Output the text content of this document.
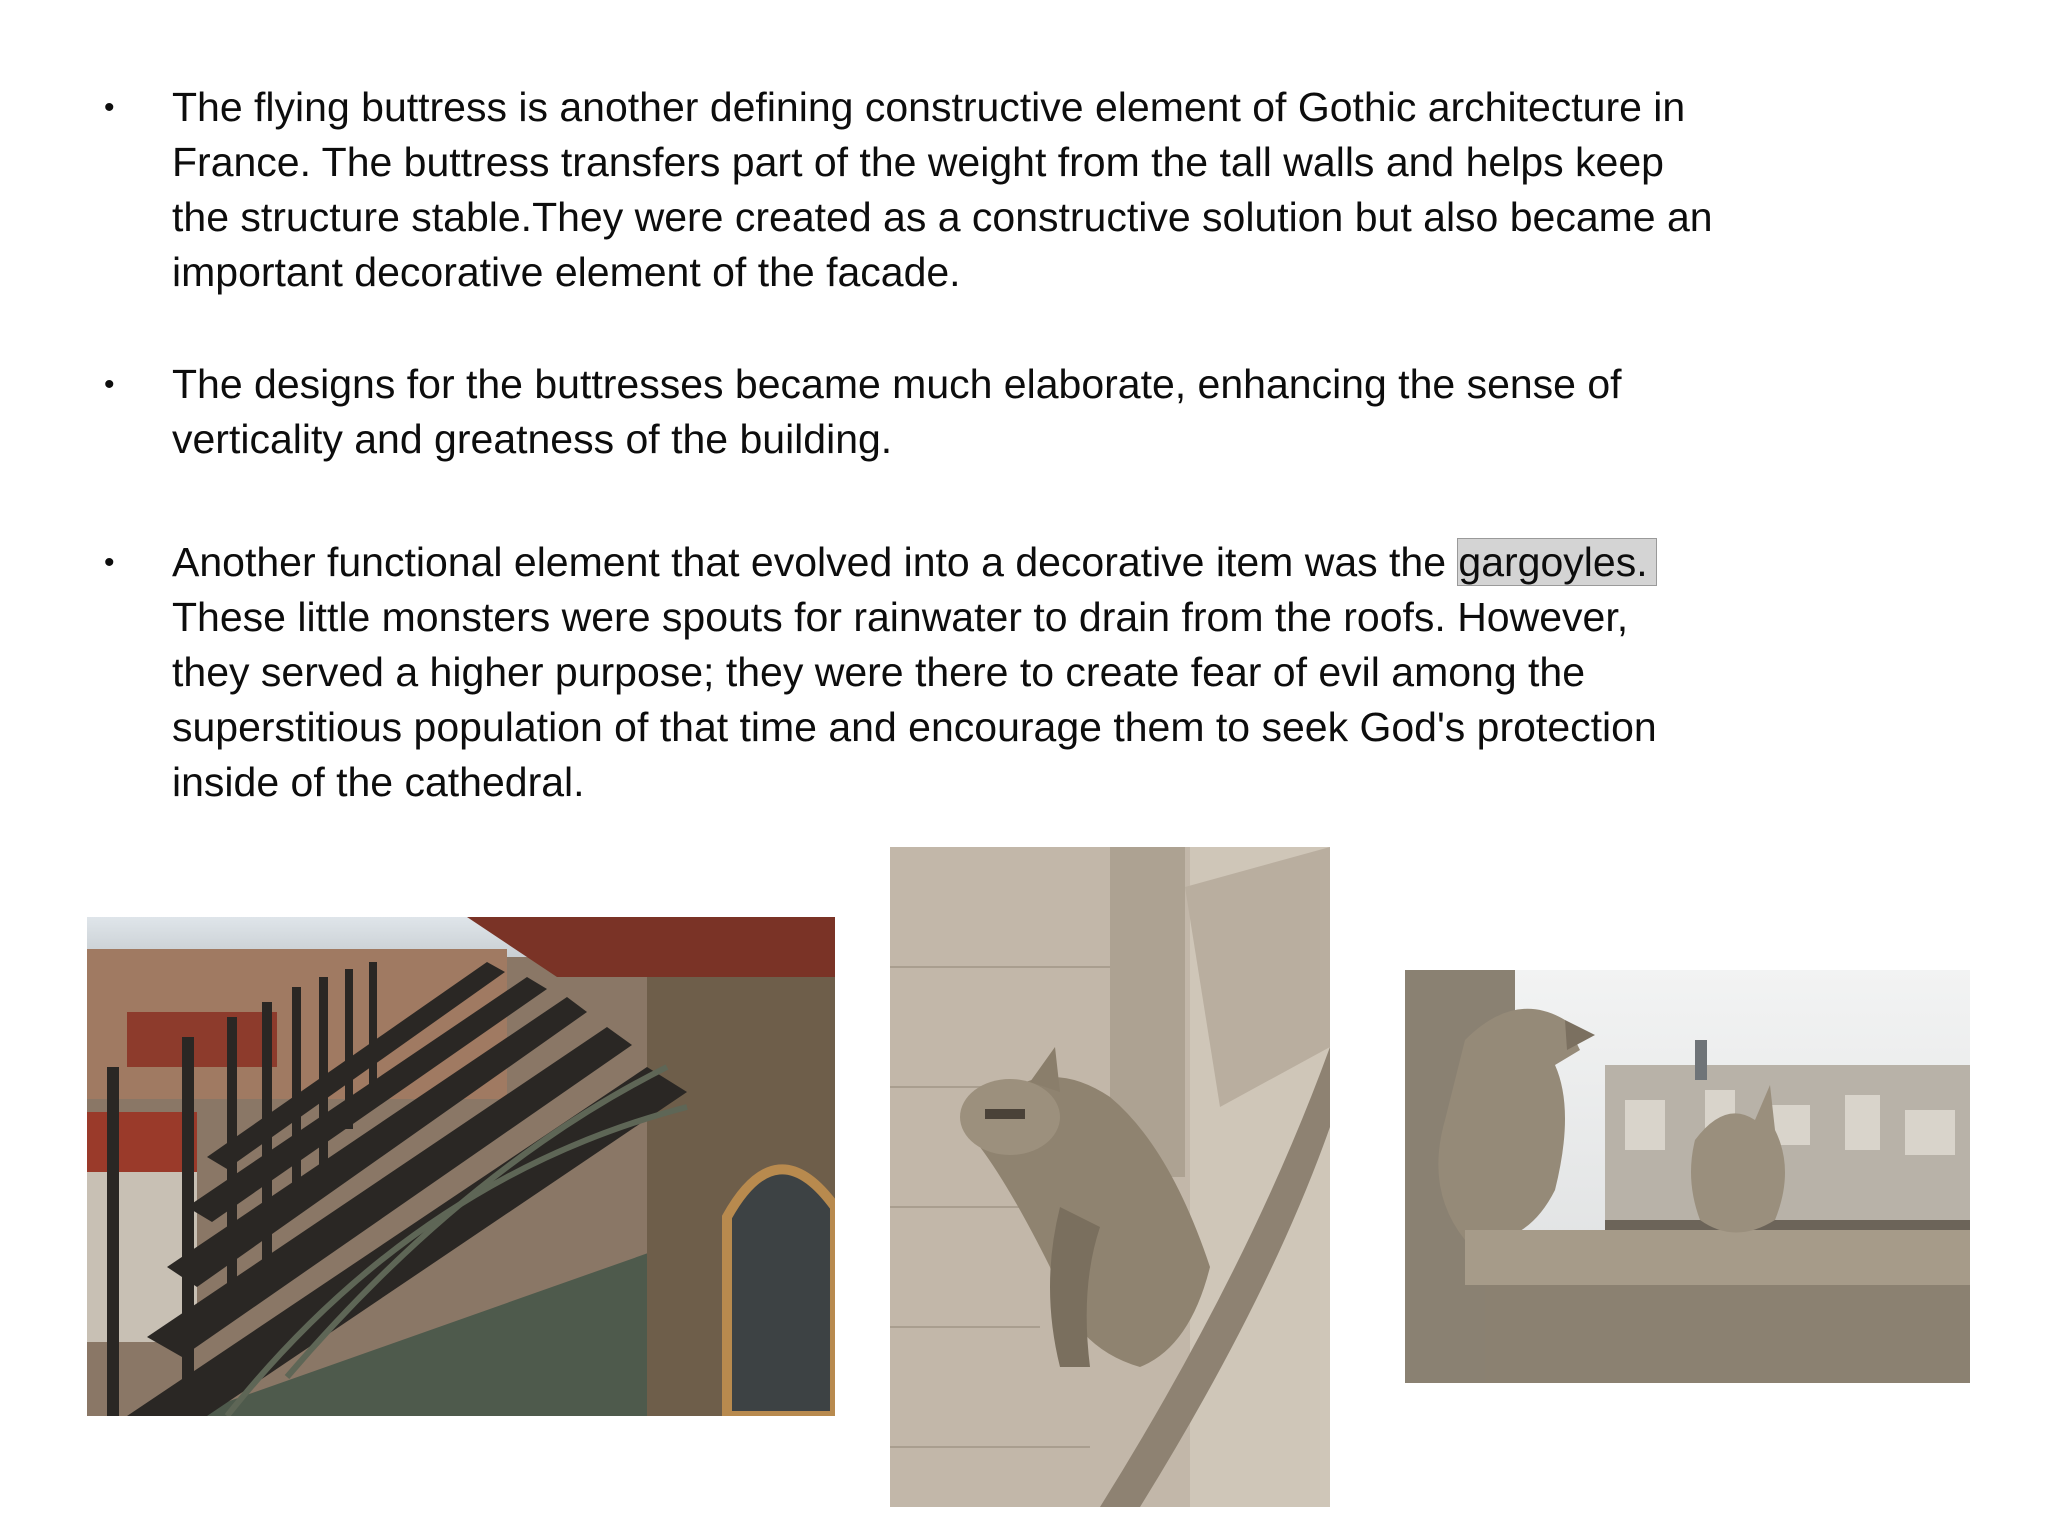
•	The flying buttress is another defining constructive element of Gothic architecture in
France. The buttress transfers part of the weight from the tall walls and helps keep
the structure stable.They were created as a constructive solution but also became an
important decorative element of the facade.
•	The designs for the buttresses became much elaborate, enhancing the sense of
verticality and greatness of the building.
•	Another functional element that evolved into a decorative item was the gargoyles.
These little monsters were spouts for rainwater to drain from the roofs. However,
they served a higher purpose; they were there to create fear of evil among the
superstitious population of that time and encourage them to seek God's protection
inside of the cathedral.
